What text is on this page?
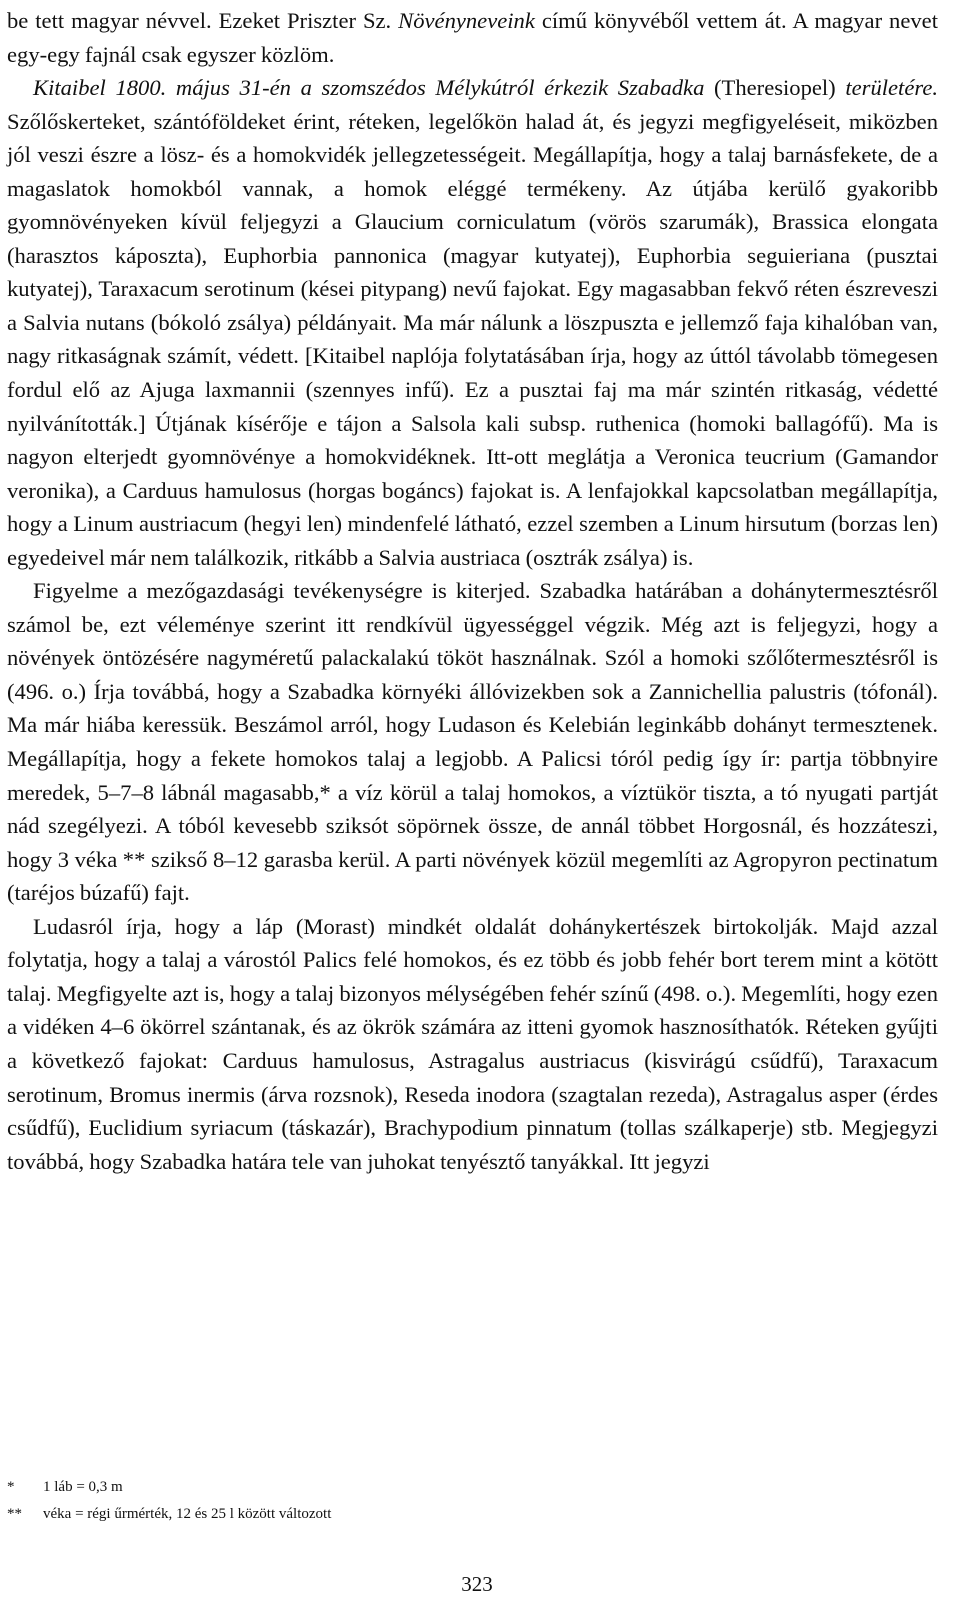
be tett magyar névvel. Ezeket Priszter Sz. Növényneveink című könyvéből vettem át. A magyar nevet egy-egy fajnál csak egyszer közlöm.
Kitaibel 1800. május 31-én a szomszédos Mélykútról érkezik Szabadka (Theresiopel) területére. Szőlőskerteket, szántóföldeket érint, réteken, legelőkön halad át, és jegyzi megfigyeléseit, miközben jól veszi észre a lösz- és a homokvidék jellegzetességeit. Megállapítja, hogy a talaj barnásfekete, de a magaslatok homokból vannak, a homok eléggé termékeny. Az útjába kerülő gyakoribb gyomnövényeken kívül feljegyzi a Glaucium corniculatum (vörös szarumák), Brassica elongata (harasztos káposzta), Euphorbia pannonica (magyar kutyatej), Euphorbia seguieriana (pusztai kutyatej), Taraxacum serotinum (kései pitypang) nevű fajokat. Egy magasabban fekvő réten észreveszi a Salvia nutans (bókoló zsálya) példányait. Ma már nálunk a löszpuszta e jellemző faja kihalóban van, nagy ritkaságnak számít, védett. [Kitaibel naplója folytatásában írja, hogy az úttól távolabb tömegesen fordul elő az Ajuga laxmannii (szennyes infű). Ez a pusztai faj ma már szintén ritkaság, védetté nyilvánították.] Útjának kísérője e tájon a Salsola kali subsp. ruthenica (homoki ballagófű). Ma is nagyon elterjedt gyomnövénye a homokvidéknek. Itt-ott meglátja a Veronica teucrium (Gamandor veronika), a Carduus hamulosus (horgas bogáncs) fajokat is. A lenfajokkal kapcsolatban megállapítja, hogy a Linum austriacum (hegyi len) mindenfelé látható, ezzel szemben a Linum hirsutum (borzas len) egyedeivel már nem találkozik, ritkább a Salvia austriaca (osztrák zsálya) is.

Figyelme a mezőgazdasági tevékenységre is kiterjed. Szabadka határában a dohánytermesztésről számol be, ezt véleménye szerint itt rendkívül ügyességgel végzik. Még azt is feljegyzi, hogy a növények öntözésére nagyméretű palackalakú tököt használnak. Szól a homoki szőlőtermesztésről is (496. o.) Írja továbbá, hogy a Szabadka környéki állóvizekben sok a Zannichellia palustris (tófonál). Ma már hiába keressük. Beszámol arról, hogy Ludason és Kelebián leginkább dohányt termesztenek. Megállapítja, hogy a fekete homokos talaj a legjobb. A Palicsi tóról pedig így ír: partja többnyire meredek, 5–7–8 lábnál magasabb,* a víz körül a talaj homokos, a víztükör tiszta, a tó nyugati partját nád szegélyezi. A tóból kevesebb sziksót söpörnek össze, de annál többet Horgosnál, és hozzáteszi, hogy 3 véka ** szikső 8–12 garasba kerül. A parti növények közül megemlíti az Agropyron pectinatum (taréjos búzafű) fajt.

Ludasról írja, hogy a láp (Morast) mindkét oldalát dohánykertészek birtokolják. Majd azzal folytatja, hogy a talaj a várostól Palics felé homokos, és ez több és jobb fehér bort terem mint a kötött talaj. Megfigyelte azt is, hogy a talaj bizonyos mélységében fehér színű (498. o.). Megemlíti, hogy ezen a vidéken 4–6 ökörrel szántanak, és az ökrök számára az itteni gyomok hasznosíthatók. Réteken gyűjti a következő fajokat: Carduus hamulosus, Astragalus austriacus (kisvirágú csűdfű), Taraxacum serotinum, Bromus inermis (árva rozsnok), Reseda inodora (szagtalan rezeda), Astragalus asper (érdes csűdfű), Euclidium syriacum (táskazár), Brachypodium pinnatum (tollas szálkaperje) stb. Megjegyzi továbbá, hogy Szabadka határa tele van juhokat tenyésztő tanyákkal. Itt jegyzi

* 1 láb = 0,3 m
** véka = régi űrmérték, 12 és 25 l között változott
323
